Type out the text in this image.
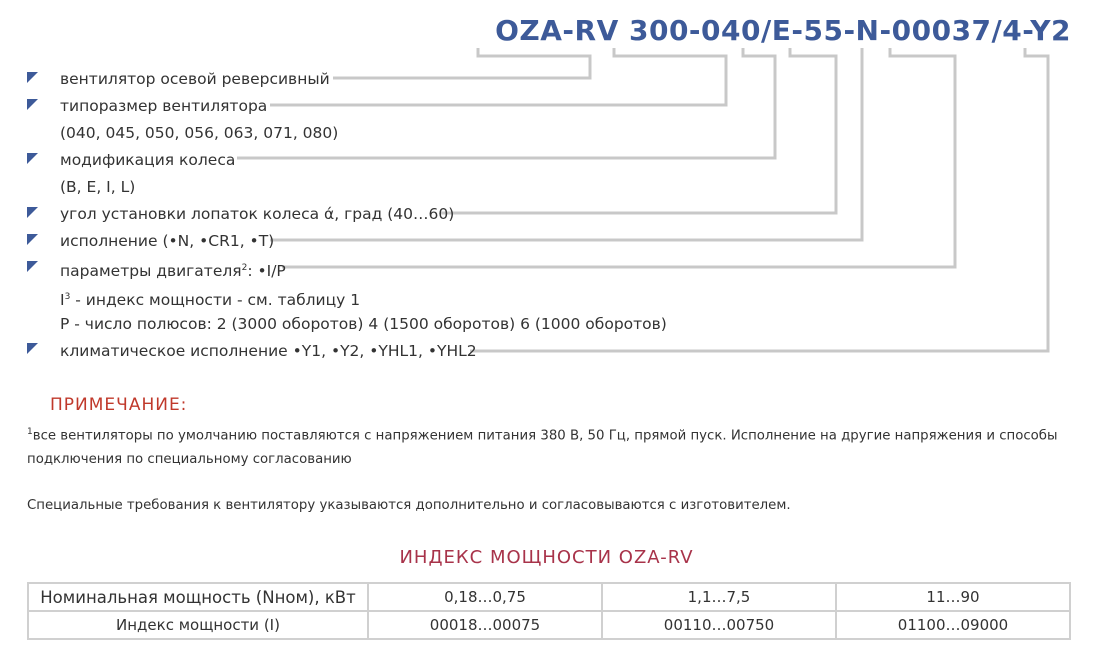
OZA-RV 300-040/E-55-N-00037/4-Y2
вентилятор осевой реверсивный
типоразмер вентилятора
(040, 045, 050, 056, 063, 071, 080)
модификация колеса
(B, E, I, L)
угол установки лопаток колеса ά, град (40…60)
исполнение (•N, •CR1, •T)
параметры двигателя$^2$: •I/P
$I^3$ - индекс мощности - см. таблицу 1
P - число полюсов: 2 (3000 оборотов) 4 (1500 оборотов) 6 (1000 оборотов)
климатическое исполнение •Y1, •Y2, •YHL1, •YHL2
ПРИМЕЧАНИЕ:
$^1$все вентиляторы по умолчанию поставляются с напряжением питания 380 В, 50 Гц, прямой пуск. Исполнение на другие напряжения и способы подключения по специальному согласованию
Специальные требования к вентилятору указываются дополнительно и согласовываются с изготовителем.
ИНДЕКС МОЩНОСТИ OZA-RV
Номинальная мощность (Nном), кВт	0,18…0,75	1,1…7,5	11…90
Индекс мощности (I)	00018…00075	00110…00750	01100…09000
